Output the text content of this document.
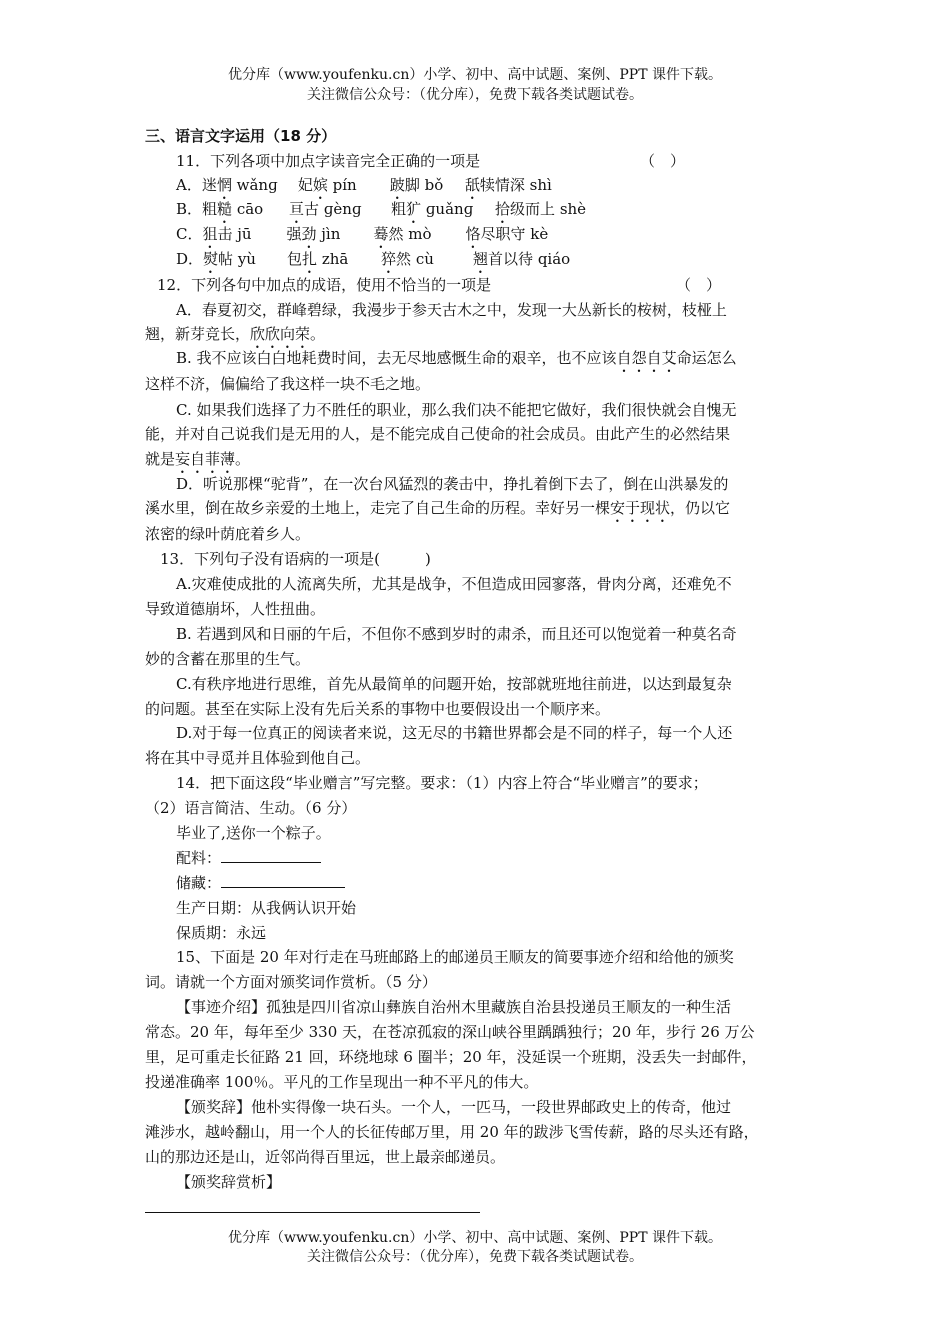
优分库（www.youfenku.cn）小学、初中、高中试题、案例、PPT 课件下载。
关注微信公众号：（优分库），免费下载各类试题试卷。
三、语言文字运用（18 分）
11．下列各项中加点字读音完全正确的一项是	（　）
A．迷惘 wǎnɡ 妃嫔 pín 跛脚 bǒ 舐犊情深 shì
B．粗糙 cāo 亘古 ɡènɡ 粗犷 ɡuǎnɡ 拾级而上 shè
C．狙击 jū 强劲 jìn 蓦然 mò 恪尽职守 kè
D．熨帖 yù 包扎 zhā 猝然 cù	翘首以待 qiáo
12．下列各句中加点的成语，使用不恰当的一项是	（　）
A．春夏初交，群峰碧绿，我漫步于参天古木之中，发现一大丛新长的桉树，枝桠上
翘，新芽竞长，欣欣向荣。
B. 我不应该白白地耗费时间，去无尽地感慨生命的艰辛，也不应该自怨自艾命运怎么
这样不济，偏偏给了我这样一块不毛之地。
C. 如果我们选择了力不胜任的职业，那么我们决不能把它做好，我们很快就会自愧无
能，并对自己说我们是无用的人，是不能完成自己使命的社会成员。由此产生的必然结果
就是妄自菲薄。
D．听说那棵“驼背”，在一次台风猛烈的袭击中，挣扎着倒下去了，倒在山洪暴发的
溪水里，倒在故乡亲爱的土地上，走完了自己生命的历程。幸好另一棵安于现状，仍以它
浓密的绿叶荫庇着乡人。
13．下列句子没有语病的一项是(　　　)
A.灾难使成批的人流离失所，尤其是战争，不但造成田园寥落，骨肉分离，还难免不
导致道德崩坏，人性扭曲。
B. 若遇到风和日丽的午后，不但你不感到岁时的肃杀，而且还可以饱觉着一种莫名奇
妙的含蓄在那里的生气。
C.有秩序地进行思维，首先从最简单的问题开始，按部就班地往前进，以达到最复杂
的问题。甚至在实际上没有先后关系的事物中也要假设出一个顺序来。
D.对于每一位真正的阅读者来说，这无尽的书籍世界都会是不同的样子，每一个人还
将在其中寻觅并且体验到他自己。
14．把下面这段“毕业赠言”写完整。要求：（1）内容上符合“毕业赠言”的要求；
（2）语言简洁、生动。（6 分）
毕业了,送你一个粽子。
配料：
储藏：
生产日期：从我俩认识开始
保质期：永远
15、下面是 20 年对行走在马班邮路上的邮递员王顺友的简要事迹介绍和给他的颁奖
词。请就一个方面对颁奖词作赏析。（5 分）
【事迹介绍】孤独是四川省凉山彝族自治州木里藏族自治县投递员王顺友的一种生活
常态。20 年，每年至少 330 天，在苍凉孤寂的深山峡谷里踽踽独行；20 年，步行 26 万公
里，足可重走长征路 21 回，环绕地球 6 圈半；20 年，没延误一个班期，没丢失一封邮件，
投递准确率 100％。平凡的工作呈现出一种不平凡的伟大。
【颁奖辞】他朴实得像一块石头。一个人，一匹马，一段世界邮政史上的传奇，他过
滩涉水，越岭翻山，用一个人的长征传邮万里，用 20 年的跋涉飞雪传薪，路的尽头还有路，
山的那边还是山，近邻尚得百里远，世上最亲邮递员。
【颁奖辞赏析】
优分库（www.youfenku.cn）小学、初中、高中试题、案例、PPT 课件下载。
关注微信公众号：（优分库），免费下载各类试题试卷。
